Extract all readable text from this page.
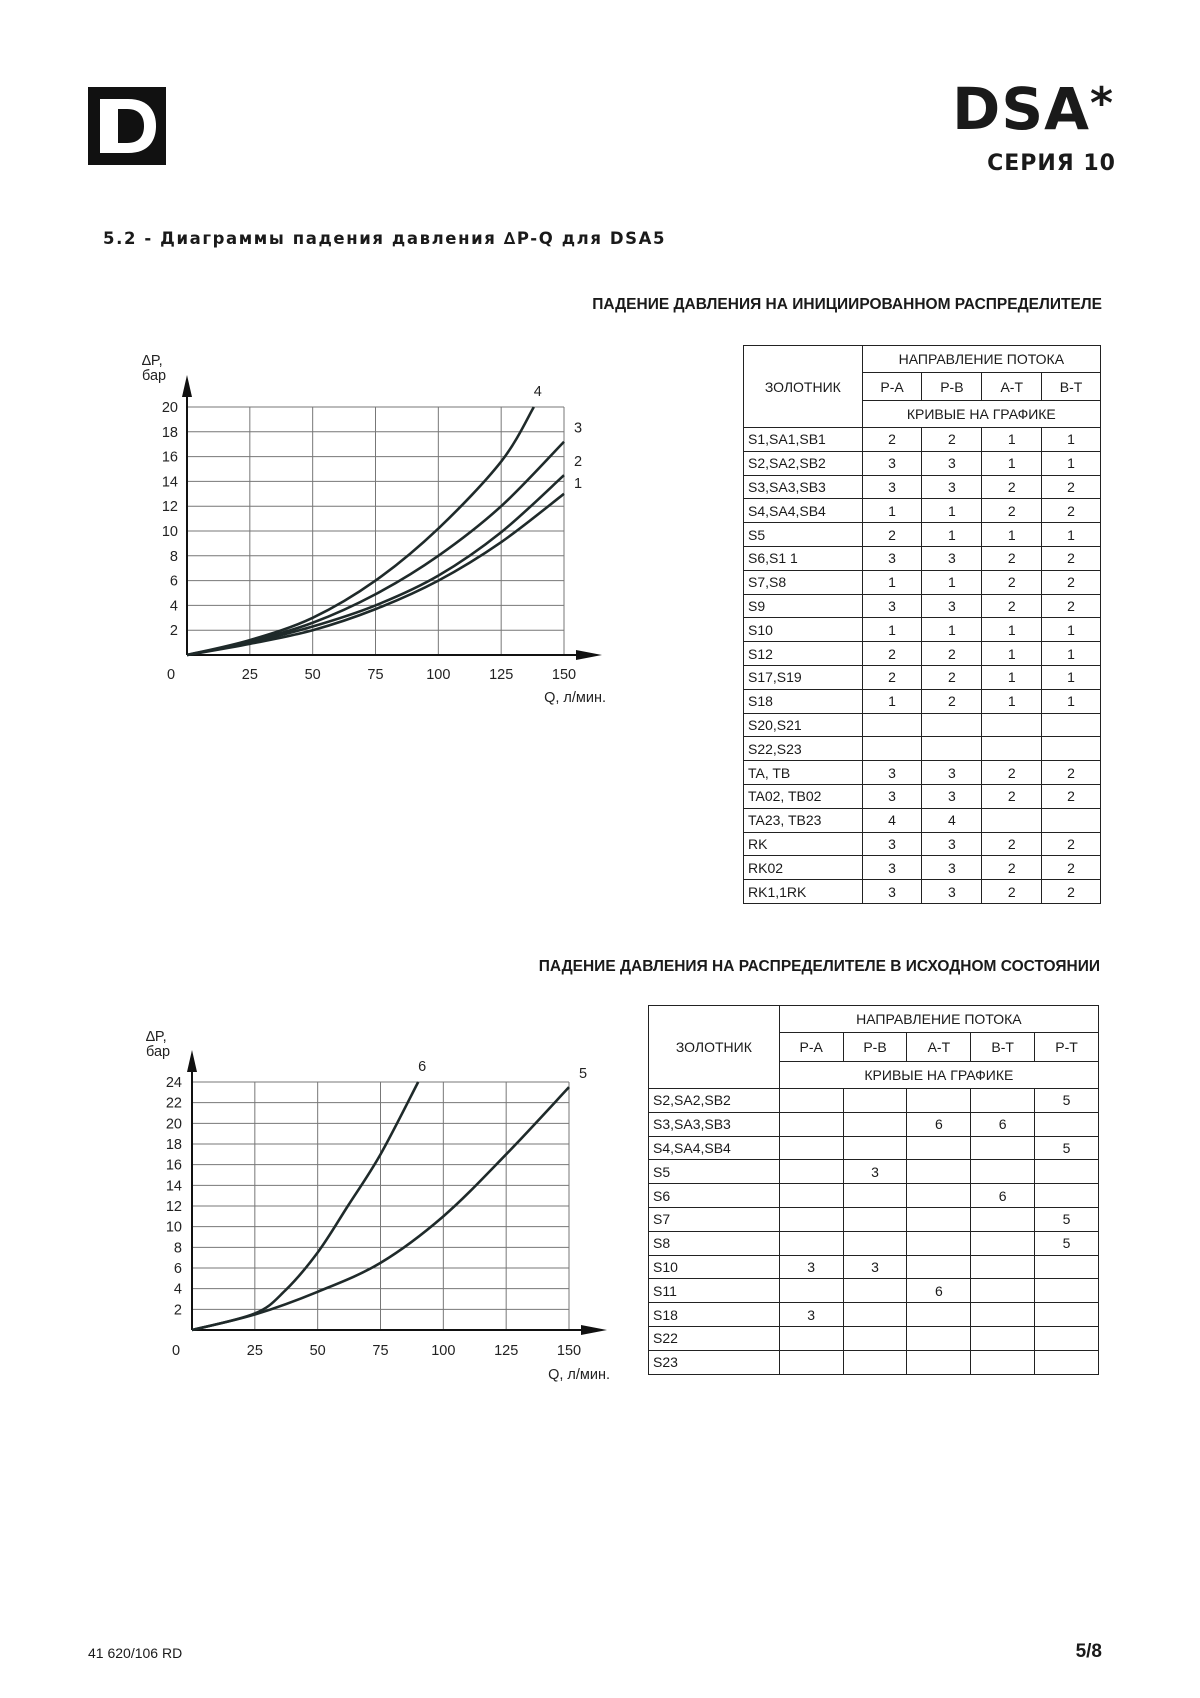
DSA*
СЕРИЯ 10
5.2 - Диаграммы падения давления ∆P-Q для DSA5
ПАДЕНИЕ ДАВЛЕНИЯ НА ИНИЦИИРОВАННОМ РАСПРЕДЕЛИТЕЛЕ
ПАДЕНИЕ ДАВЛЕНИЯ НА РАСПРЕДЕЛИТЕЛЕ В ИСХОДНОМ СОСТОЯНИИ
2
4
6
8
10
12
14
16
18
20
0	25	50	75	100	125	150
∆P,
бар
Q, л/мин.
1
2
3
4
2
4
6
8
10
12
14
16
18
20
22
24
0	25	50	75	100	125	150
∆P,
бар
Q, л/мин.
5
6
ЗОЛОТНИК	НАПРАВЛЕНИЕ ПОТОКА			
	P-A	P-B	A-T	B-T
	КРИВЫЕ НА ГРАФИКЕ			
S1,SA1,SB1	2	2	1	1
S2,SA2,SB2	3	3	1	1
S3,SA3,SB3	3	3	2	2
S4,SA4,SB4	1	1	2	2
S5	2	1	1	1
S6,S1 1	3	3	2	2
S7,S8	1	1	2	2
S9	3	3	2	2
S10	1	1	1	1
S12	2	2	1	1
S17,S19	2	2	1	1
S18	1	2	1	1
S20,S21				
S22,S23				
TA, TB	3	3	2	2
TA02, TB02	3	3	2	2
TA23, TB23	4	4		
RK	3	3	2	2
RK02	3	3	2	2
RK1,1RK	3	3	2	2
ЗОЛОТНИК	НАПРАВЛЕНИЕ ПОТОКА				
	P-A	P-B	A-T	B-T	P-T
	КРИВЫЕ НА ГРАФИКЕ				
S2,SA2,SB2					5
S3,SA3,SB3			6	6	
S4,SA4,SB4					5
S5		3			
S6				6	
S7					5
S8					5
S10	3	3			
S11			6		
S18	3				
S22					
S23					
41 620/106 RD	5/8
